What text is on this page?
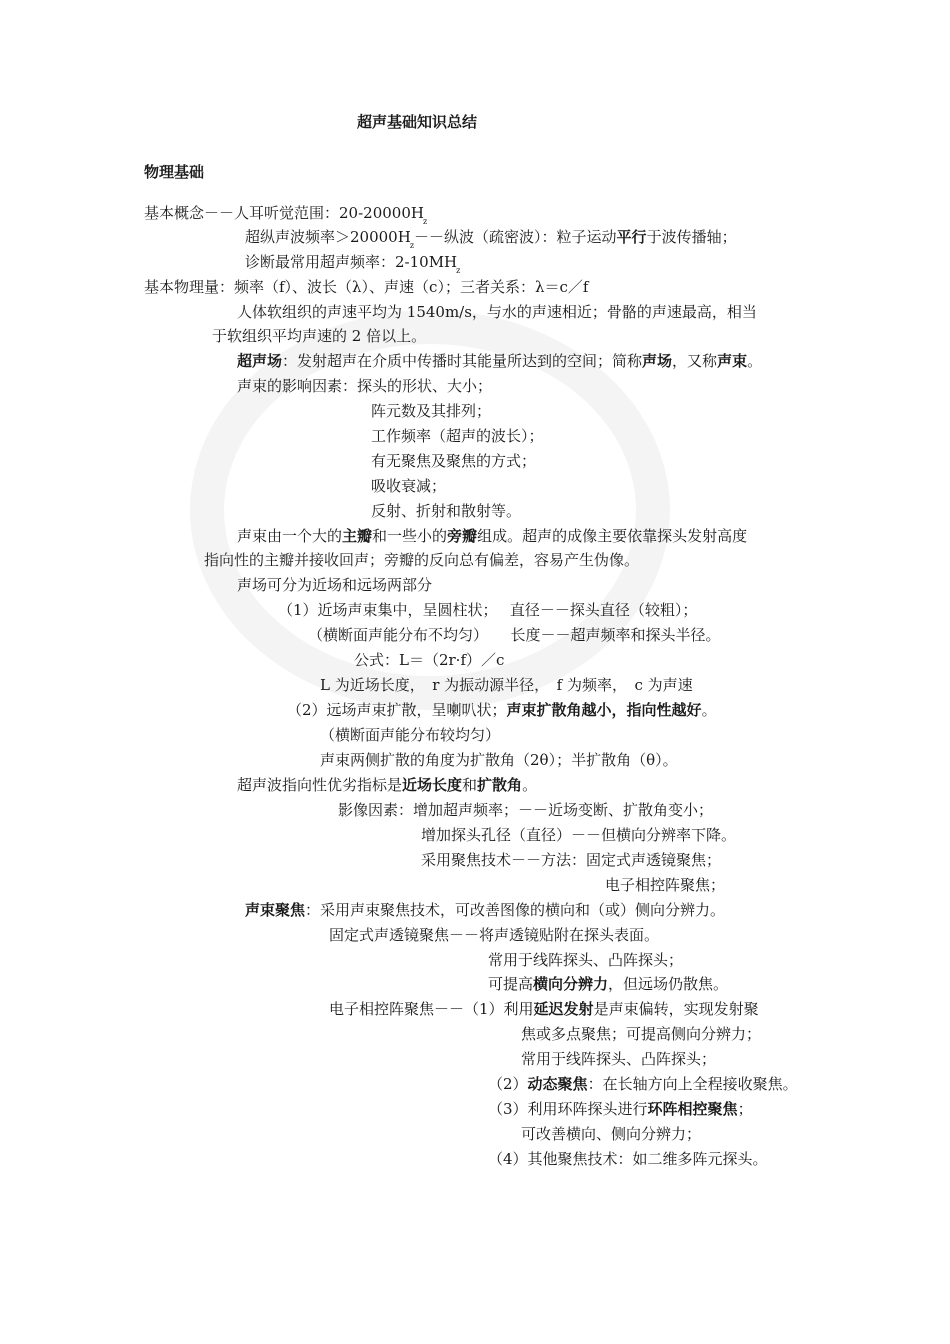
超声基础知识总结
物理基础
基本概念－－人耳听觉范围：$20-20000H_z$
超纵声波频率$>20000H_z--$纵波（疏密波）：粒子运动平行于波传播轴；
诊断最常用超声频率：$2-10MH_z$
基本物理量：频率（f）、波长（λ）、声速（c）；三者关系：λ＝c／f
人体软组织的声速平均为 1540m/s，与水的声速相近；骨骼的声速最高，相当
于软组织平均声速的 2 倍以上。
超声场：发射超声在介质中传播时其能量所达到的空间；简称声场，又称声束。
声束的影响因素：探头的形状、大小；
阵元数及其排列；
工作频率（超声的波长）；
有无聚焦及聚焦的方式；
吸收衰减；
反射、折射和散射等。
声束由一个大的主瓣和一些小的旁瓣组成。超声的成像主要依靠探头发射高度
指向性的主瓣并接收回声；旁瓣的反向总有偏差，容易产生伪像。
声场可分为近场和远场两部分
（1）近场声束集中，呈圆柱状；　 直径－－探头直径（较粗）；
（横断面声能分布不均匀）　　长度－－超声频率和探头半径。
公式：L＝（2r·f）／c
L 为近场长度，　r 为振动源半径，　f 为频率，　c 为声速
（2）远场声束扩散，呈喇叭状；声束扩散角越小，指向性越好。
（横断面声能分布较均匀）
声束两侧扩散的角度为扩散角（2θ）；半扩散角（θ）。
超声波指向性优劣指标是近场长度和扩散角。
影像因素：增加超声频率；－－近场变断、扩散角变小；
增加探头孔径（直径）－－但横向分辨率下降。
采用聚焦技术－－方法：固定式声透镜聚焦；
电子相控阵聚焦；
声束聚焦：采用声束聚焦技术，可改善图像的横向和（或）侧向分辨力。
固定式声透镜聚焦－－将声透镜贴附在探头表面。
常用于线阵探头、凸阵探头；
可提高横向分辨力，但远场仍散焦。
电子相控阵聚焦－－（1）利用延迟发射是声束偏转，实现发射聚
焦或多点聚焦；可提高侧向分辨力；
常用于线阵探头、凸阵探头；
（2）动态聚焦：在长轴方向上全程接收聚焦。
（3）利用环阵探头进行环阵相控聚焦；
可改善横向、侧向分辨力；
（4）其他聚焦技术：如二维多阵元探头。
